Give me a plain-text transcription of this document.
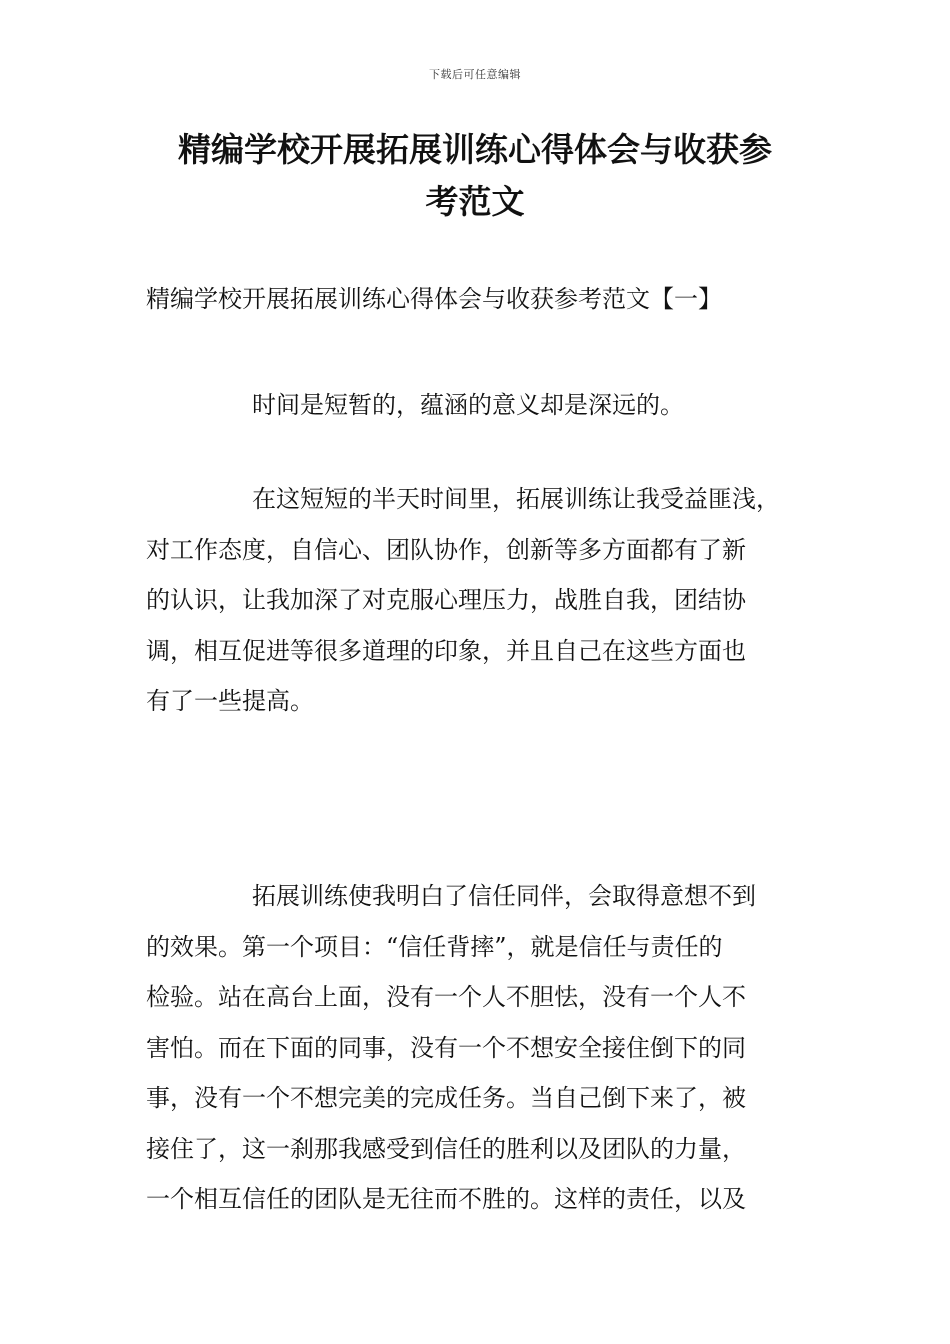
下载后可任意编辑
精编学校开展拓展训练心得体会与收获参
考范文
精编学校开展拓展训练心得体会与收获参考范文【一】
时间是短暂的，蕴涵的意义却是深远的。
在这短短的半天时间里，拓展训练让我受益匪浅，
对工作态度，自信心、团队协作，创新等多方面都有了新
的认识，让我加深了对克服心理压力，战胜自我，团结协
调，相互促进等很多道理的印象，并且自己在这些方面也
有了一些提高。
拓展训练使我明白了信任同伴，会取得意想不到
的效果。第一个项目：“信任背摔”，就是信任与责任的
检验。站在高台上面，没有一个人不胆怯，没有一个人不
害怕。而在下面的同事，没有一个不想安全接住倒下的同
事，没有一个不想完美的完成任务。当自己倒下来了，被
接住了，这一刹那我感受到信任的胜利以及团队的力量，
一个相互信任的团队是无往而不胜的。这样的责任，以及
